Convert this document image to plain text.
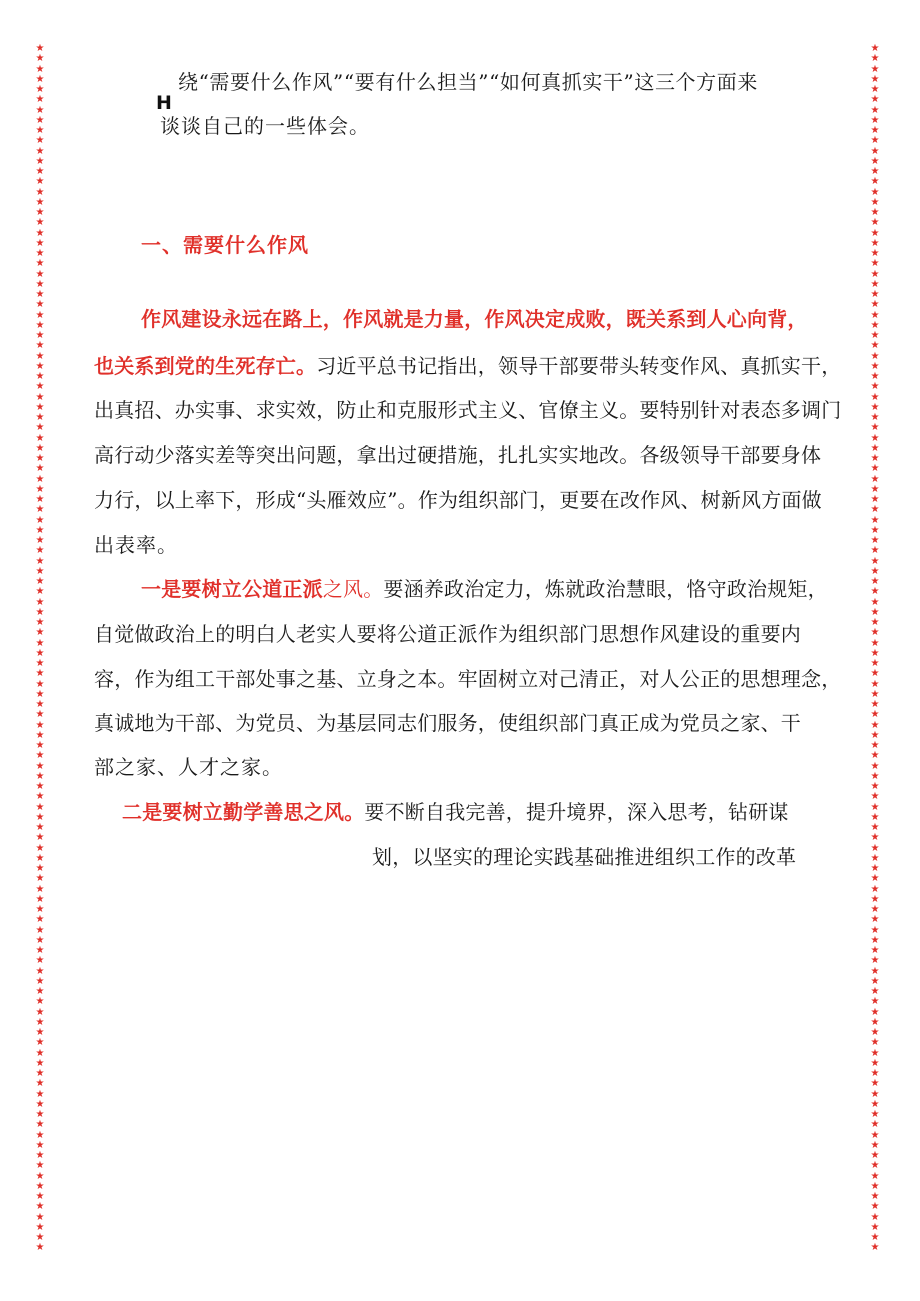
★
★
★
★
★
★
★
★
★
★
★
★
★
★
★
★
★
★
★
★
★
★
★
★
★
★
★
★
★
★
★
★
★
★
★
★
★
★
★
★
★
★
★
★
★
★
★
★
★
★
★
★
★
★
★
★
★
★
★
★
★
★
★
★
★
★
★
★
★
★
★
★
★
★
★
★
★
★
★
★
★
★
★
★
★
★
★
★
★
★
★
★
★
★
★
★
★
★
★
★
★
★
★
★
★
★
★
★
★
★
★
★
★
★
★
★
★
★
★
★
★
★
★
★
★
★
★
★
★
★
★
★
★
★
★
★
★
★
★
★
★
★
★
★
★
★
★
★
★
★
★
★
★
★
★
★
★
★
★
★
★
★
★
★
★
★
★
★
★
★
★
★
★
★
★
★
★
★
★
★
★
★
★
★
★
★
★
★
★
★
★
★
★
★
★
★
★
★
★
★
★
★
★
★
★
★
★
★
★
★
★
★
★
★
★
★
★
★
★
★
★
★
★
★
★
★
★
★
★
★
★
★
★
★
★
★
绕“需要什么作风”“要有什么担当”“如何真抓实干”这三个方面来
H
谈谈自己的一些体会。
一、需要什么作风
作风建设永远在路上，作风就是力量，作风决定成败，既关系到人心向背，
也关系到党的生死存亡。习近平总书记指出，领导干部要带头转变作风、真抓实干，
出真招、办实事、求实效，防止和克服形式主义、官僚主义。要特别针对表态多调门
高行动少落实差等突出问题，拿出过硬措施，扎扎实实地改。各级领导干部要身体
力行，以上率下，形成“头雁效应”。作为组织部门，更要在改作风、树新风方面做
出表率。
一是要树立公道正派之风。要涵养政治定力，炼就政治慧眼，恪守政治规矩，
自觉做政治上的明白人老实人要将公道正派作为组织部门思想作风建设的重要内
容，作为组工干部处事之基、立身之本。牢固树立对己清正，对人公正的思想理念，
真诚地为干部、为党员、为基层同志们服务，使组织部门真正成为党员之家、干
部之家、人才之家。
二是要树立勤学善思之风。要不断自我完善，提升境界，深入思考，钻研谋
划，以坚实的理论实践基础推进组织工作的改革
